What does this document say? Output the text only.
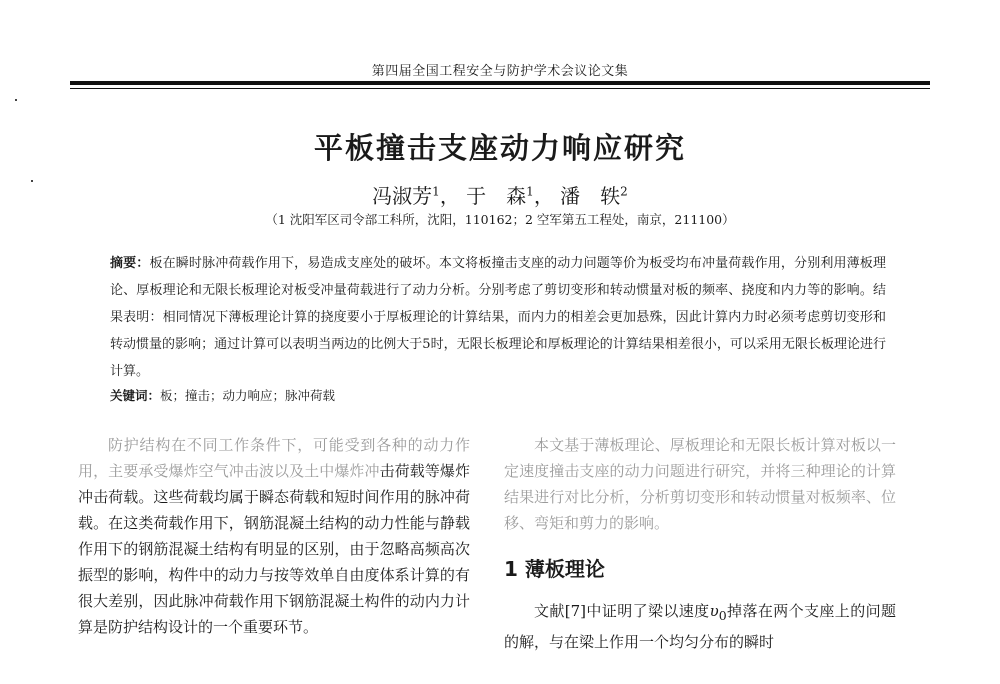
第四届全国工程安全与防护学术会议论文集
平板撞击支座动力响应研究
冯淑芳$^1$， 于　森$^1$， 潘　轶$^2$
（1 沈阳军区司令部工科所，沈阳，110162；2 空军第五工程处，南京，211100）
摘要：板在瞬时脉冲荷载作用下，易造成支座处的破坏。本文将板撞击支座的动力问题等价为板受均布冲量荷载作用，分别利用薄板理论、厚板理论和无限长板理论对板受冲量荷载进行了动力分析。分别考虑了剪切变形和转动惯量对板的频率、挠度和内力等的影响。结果表明：相同情况下薄板理论计算的挠度要小于厚板理论的计算结果，而内力的相差会更加悬殊，因此计算内力时必须考虑剪切变形和转动惯量的影响；通过计算可以表明当两边的比例大于5时，无限长板理论和厚板理论的计算结果相差很小，可以采用无限长板理论进行计算。
关键词：板；撞击；动力响应；脉冲荷载

防护结构在不同工作条件下，可能受到各种的动力作用，主要承受爆炸空气冲击波以及土中爆炸冲击荷载等爆炸冲击荷载。这些荷载均属于瞬态荷载和短时间作用的脉冲荷载。在这类荷载作用下，钢筋混凝土结构的动力性能与静载作用下的钢筋混凝土结构有明显的区别，由于忽略高频高次振型的影响，构件中的动力与按等效单自由度体系计算的有很大差别，因此脉冲荷载作用下钢筋混凝土构件的动内力计算是防护结构设计的一个重要环节。

本文基于薄板理论、厚板理论和无限长板计算对板以一定速度撞击支座的动力问题进行研究，并将三种理论的计算结果进行对比分析，分析剪切变形和转动惯量对板频率、位移、弯矩和剪力的影响。

1 薄板理论

文献[7]中证明了梁以速度$\upsilon_0$掉落在两个支座上的问题的解，与在梁上作用一个均匀分布的瞬时
